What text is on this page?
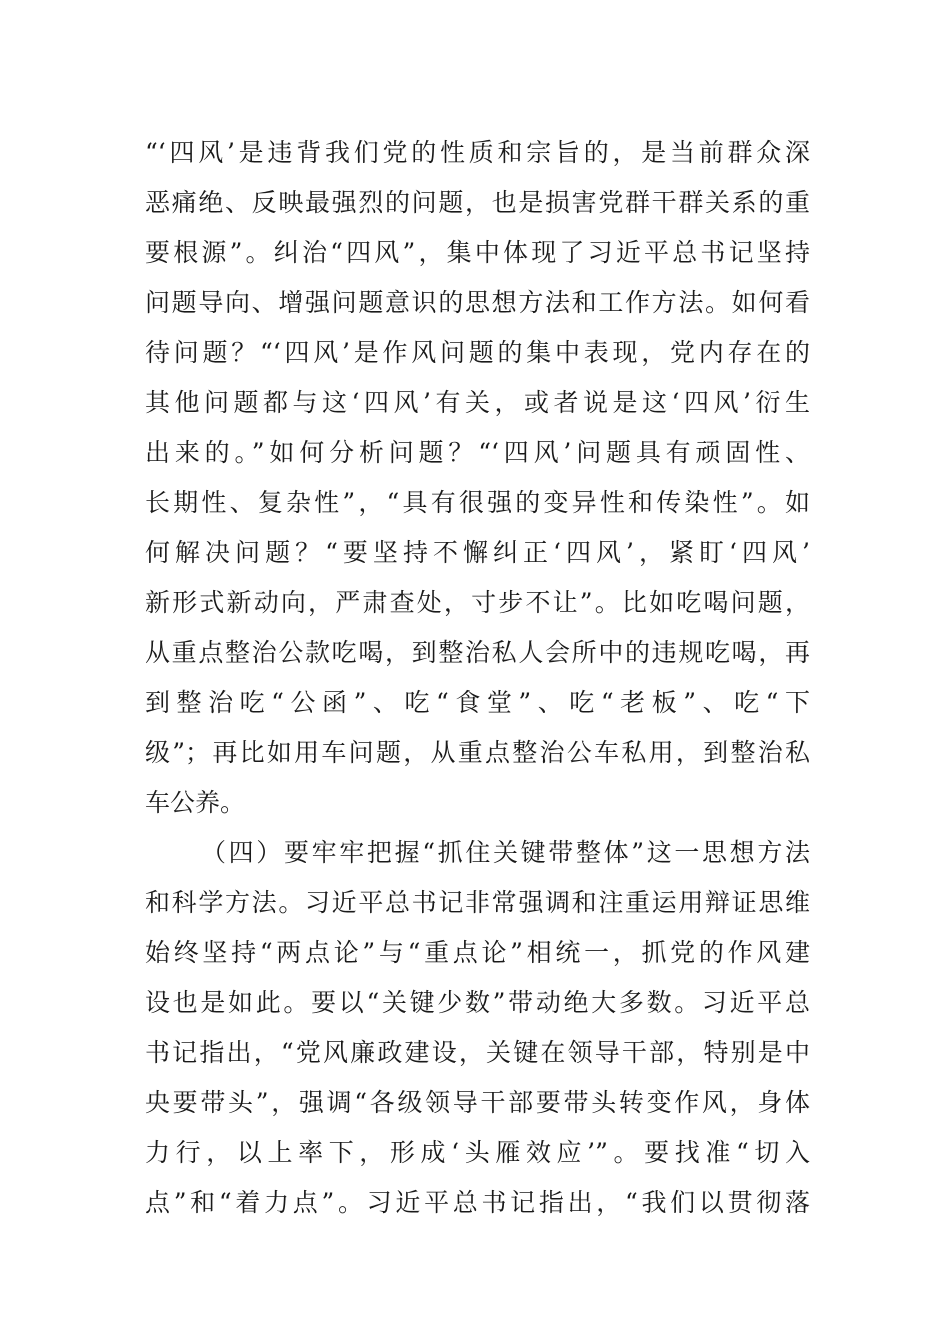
“‘四风’是违背我们党的性质和宗旨的，是当前群众深

恶痛绝、反映最强烈的问题，也是损害党群干群关系的重

要根源”。纠治“四风”，集中体现了习近平总书记坚持

问题导向、增强问题意识的思想方法和工作方法。如何看

待问题？“‘四风’是作风问题的集中表现，党内存在的

其他问题都与这‘四风’有关，或者说是这‘四风’衍生

出来的。”如何分析问题？“‘四风’问题具有顽固性、

长期性、复杂性”，“具有很强的变异性和传染性”。如

何解决问题？“要坚持不懈纠正‘四风’，紧盯‘四风’

新形式新动向，严肃查处，寸步不让”。比如吃喝问题，

从重点整治公款吃喝，到整治私人会所中的违规吃喝，再

到整治吃“公函”、吃“食堂”、吃“老板”、吃“下

级”；再比如用车问题，从重点整治公车私用，到整治私

车公养。

（四）要牢牢把握“抓住关键带整体”这一思想方法

和科学方法。习近平总书记非常强调和注重运用辩证思维

始终坚持“两点论”与“重点论”相统一，抓党的作风建

设也是如此。要以“关键少数”带动绝大多数。习近平总

书记指出，“党风廉政建设，关键在领导干部，特别是中

央要带头”，强调“各级领导干部要带头转变作风，身体

力行，以上率下，形成‘头雁效应’”。要找准“切入

点”和“着力点”。习近平总书记指出，“我们以贯彻落
